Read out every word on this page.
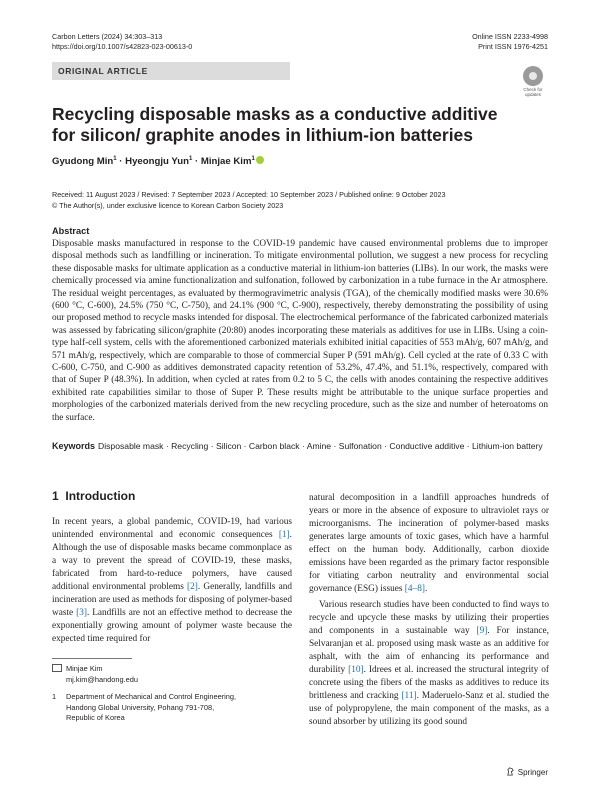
Carbon Letters (2024) 34:303–313
https://doi.org/10.1007/s42823-023-00613-0
Online ISSN 2233-4998
Print ISSN 1976-4251
ORIGINAL ARTICLE
Check for updates
Recycling disposable masks as a conductive additive for silicon/ graphite anodes in lithium-ion batteries
Gyudong Min$^1$ · Hyeongju Yun$^1$ · Minjae Kim$^1$
Received: 11 August 2023 / Revised: 7 September 2023 / Accepted: 10 September 2023 / Published online: 9 October 2023
© The Author(s), under exclusive licence to Korean Carbon Society 2023
Abstract

Disposable masks manufactured in response to the COVID-19 pandemic have caused environmental problems due to improper disposal methods such as landfilling or incineration. To mitigate environmental pollution, we suggest a new process for recycling these disposable masks for ultimate application as a conductive material in lithium-ion batteries (LIBs). In our work, the masks were chemically processed via amine functionalization and sulfonation, followed by carbonization in a tube furnace in the Ar atmosphere. The residual weight percentages, as evaluated by thermogravimetric analysis (TGA), of the chemically modified masks were 30.6% (600 °C, C-600), 24.5% (750 °C, C-750), and 24.1% (900 °C, C-900), respectively, thereby demonstrating the possibility of using our proposed method to recycle masks intended for disposal. The electrochemical performance of the fabricated carbonized materials was assessed by fabricating silicon/graphite (20:80) anodes incorporating these materials as additives for use in LIBs. Using a coin-type half-cell system, cells with the aforementioned carbonized materials exhibited initial capacities of 553 mAh/g, 607 mAh/g, and 571 mAh/g, respectively, which are comparable to those of commercial Super P (591 mAh/g). Cell cycled at the rate of 0.33 C with C-600, C-750, and C-900 as additives demonstrated capacity retention of 53.2%, 47.4%, and 51.1%, respectively, compared with that of Super P (48.3%). In addition, when cycled at rates from 0.2 to 5 C, the cells with anodes containing the respective additives exhibited rate capabilities similar to those of Super P. These results might be attributable to the unique surface properties and morphologies of the carbonized materials derived from the new recycling procedure, such as the size and number of heteroatoms on the surface.

Keywords Disposable mask · Recycling · Silicon · Carbon black · Amine · Sulfonation · Conductive additive · Lithium-ion battery

1 Introduction

In recent years, a global pandemic, COVID-19, had various unintended environmental and economic consequences [1]. Although the use of disposable masks became commonplace as a way to prevent the spread of COVID-19, these masks, fabricated from hard-to-reduce polymers, have caused additional environmental problems [2]. Generally, landfills and incineration are used as methods for disposing of polymer-based waste [3]. Landfills are not an effective method to decrease the exponentially growing amount of polymer waste because the expected time required for

natural decomposition in a landfill approaches hundreds of years or more in the absence of exposure to ultraviolet rays or microorganisms. The incineration of polymer-based masks generates large amounts of toxic gases, which have a harmful effect on the human body. Additionally, carbon dioxide emissions have been regarded as the primary factor responsible for vitiating carbon neutrality and environmental social governance (ESG) issues [4–8].

Various research studies have been conducted to find ways to recycle and upcycle these masks by utilizing their properties and components in a sustainable way [9]. For instance, Selvaranjan et al. proposed using mask waste as an additive for asphalt, with the aim of enhancing its performance and durability [10]. Idrees et al. increased the structural integrity of concrete using the fibers of the masks as additives to reduce its brittleness and cracking [11]. Maderuelo-Sanz et al. studied the use of polypropylene, the main component of the masks, as a sound absorber by utilizing its good sound

Minjae Kim
mj.kim@handong.edu
1 Department of Mechanical and Control Engineering,
Handong Global University, Pohang 791-708,
Republic of Korea
Springer
